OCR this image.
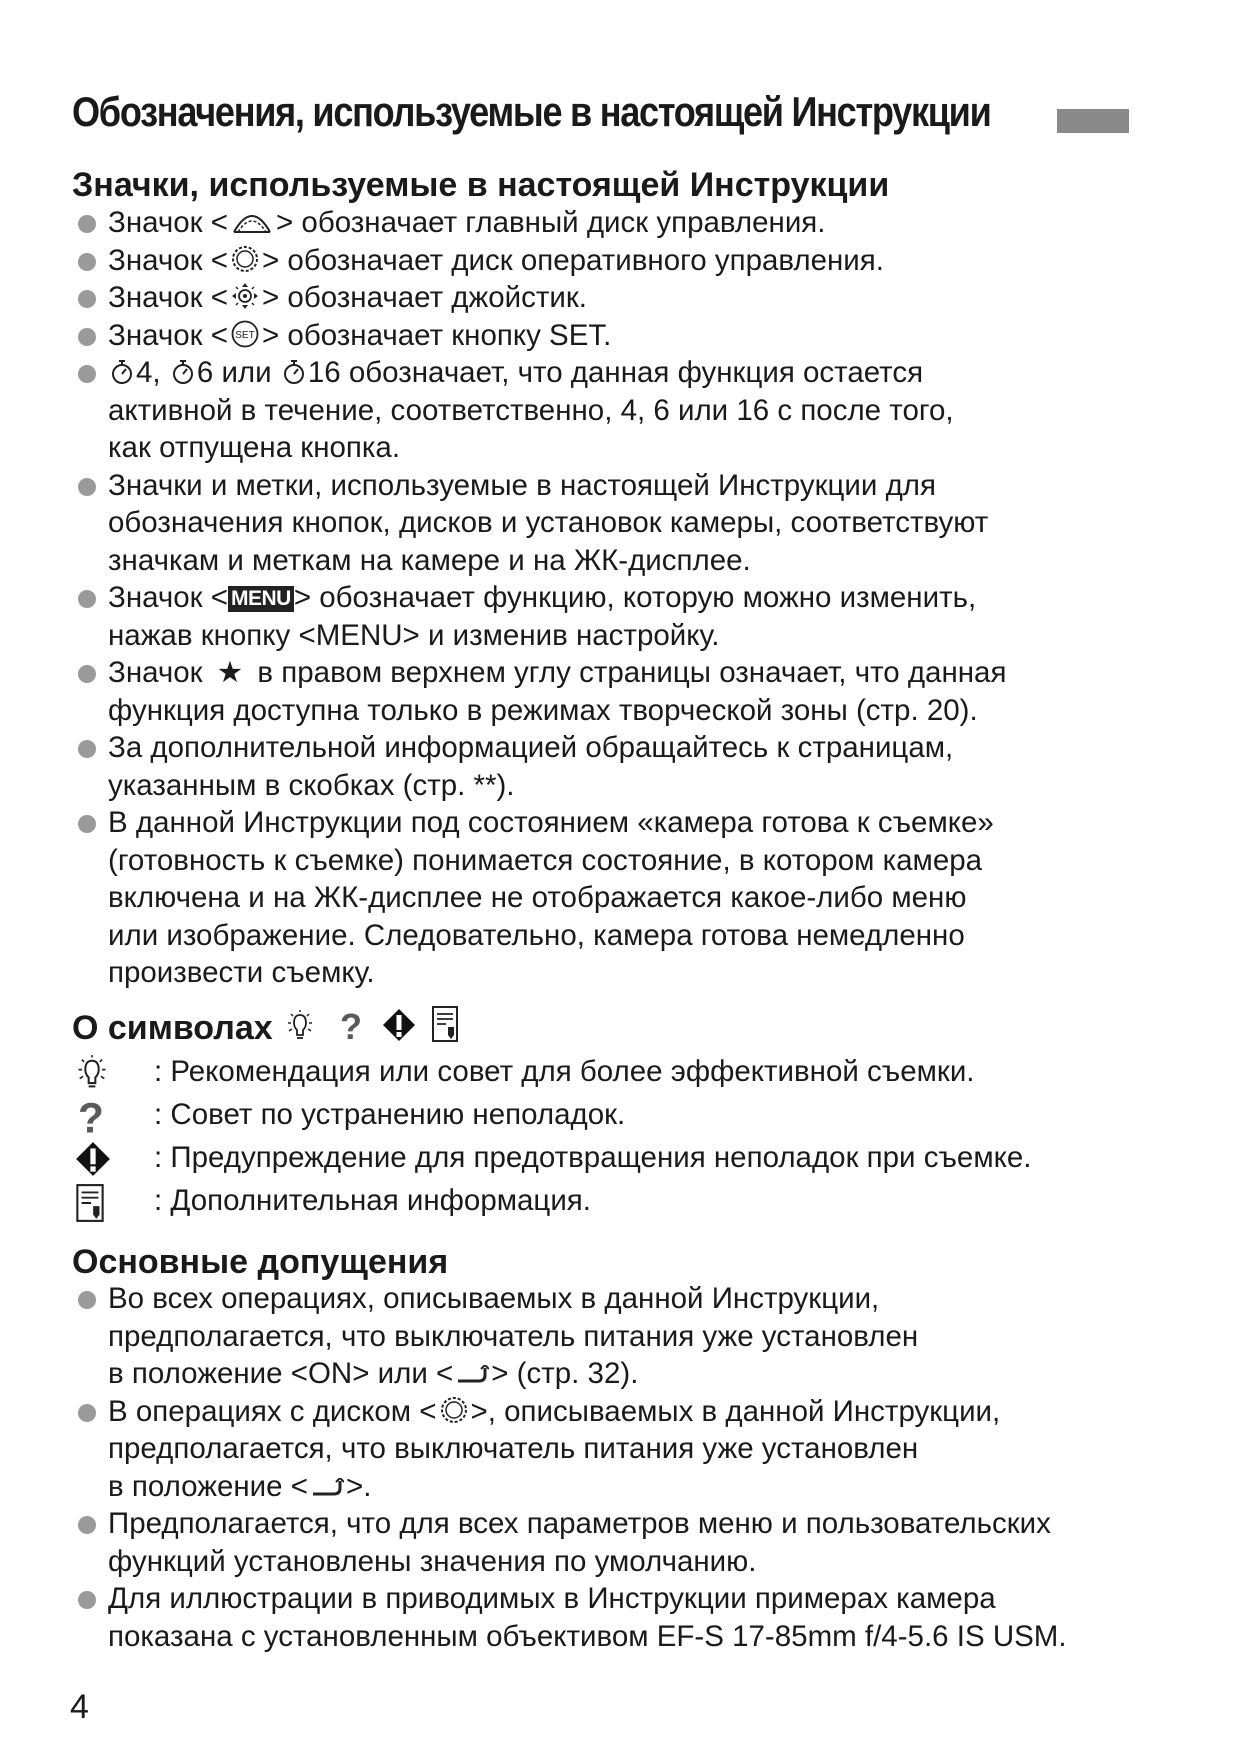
Обозначения, используемые в настоящей Инструкции
Значки, используемые в настоящей Инструкции
Значок < > обозначает главный диск управления.
Значок < > обозначает диск оперативного управления.
Значок < > обозначает джойстик.
Значок < SET > обозначает кнопку SET.
4, 6 или 16 обозначает, что данная функция остается
активной в течение, соответственно, 4, 6 или 16 с после того,
как отпущена кнопка.
Значки и метки, используемые в настоящей Инструкции для
обозначения кнопок, дисков и установок камеры, соответствуют
значкам и меткам на камере и на ЖК-дисплее.
Значок < MENU > обозначает функцию, которую можно изменить,
нажав кнопку <MENU> и изменив настройку.
Значок ★ в правом верхнем углу страницы означает, что данная
функция доступна только в режимах творческой зоны (стр. 20).
За дополнительной информацией обращайтесь к страницам,
указанным в скобках (стр. **).
В данной Инструкции под состоянием «камера готова к съемке»
(готовность к съемке) понимается состояние, в котором камера
включена и на ЖК-дисплее не отображается какое-либо меню
или изображение. Следовательно, камера готова немедленно
произвести съемку.
О символах
?

: Рекомендация или совет для более эффективной съемки.
? : Совет по устранению неполадок.
: Предупреждение для предотвращения неполадок при съемке.
: Дополнительная информация.
Основные допущения
Во всех операциях, описываемых в данной Инструкции,
предполагается, что выключатель питания уже установлен
в положение <ON> или < > (стр. 32).
В операциях с диском < >, описываемых в данной Инструкции,
предполагается, что выключатель питания уже установлен
в положение < >.
Предполагается, что для всех параметров меню и пользовательских
функций установлены значения по умолчанию.
Для иллюстрации в приводимых в Инструкции примерах камера
показана с установленным объективом EF-S 17-85mm f/4-5.6 IS USM.
4
